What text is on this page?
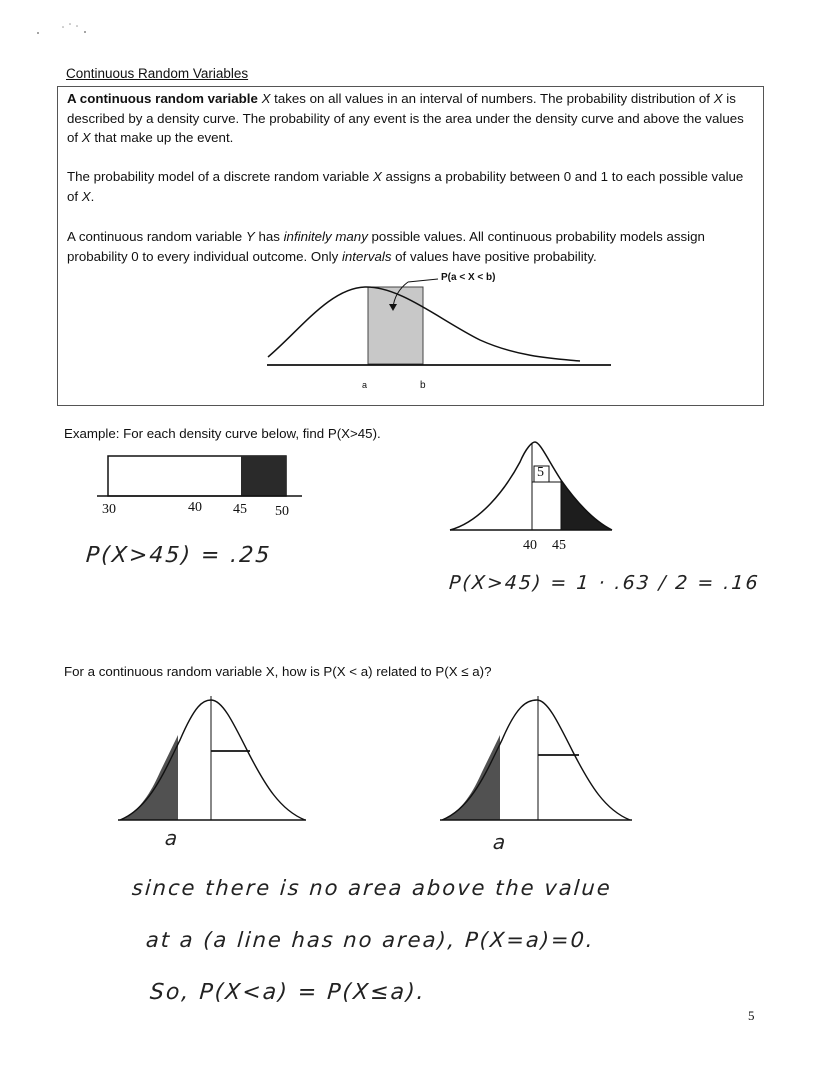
Continuous Random Variables

A continuous random variable X takes on all values in an interval of numbers. The probability distribution of X is described by a density curve. The probability of any event is the area under the density curve and above the values of X that make up the event.

The probability model of a discrete random variable X assigns a probability between 0 and 1 to each possible value of X.

A continuous random variable Y has infinitely many possible values. All continuous probability models assign probability 0 to every individual outcome. Only intervals of values have positive probability.

P(a < X < b)
a	b
Example: For each density curve below, find P(X>45).
30	40 45 50
P(X>45) = .25
5
40 45
P(X>45) = 1 · .63 / 2 = .16
For a continuous random variable X, how is P(X < a) related to P(X ≤ a)?
a	a
since there is no area above the value
at a (a line has no area), P(X=a)=0.
So, P(X<a) = P(X≤a).
5
